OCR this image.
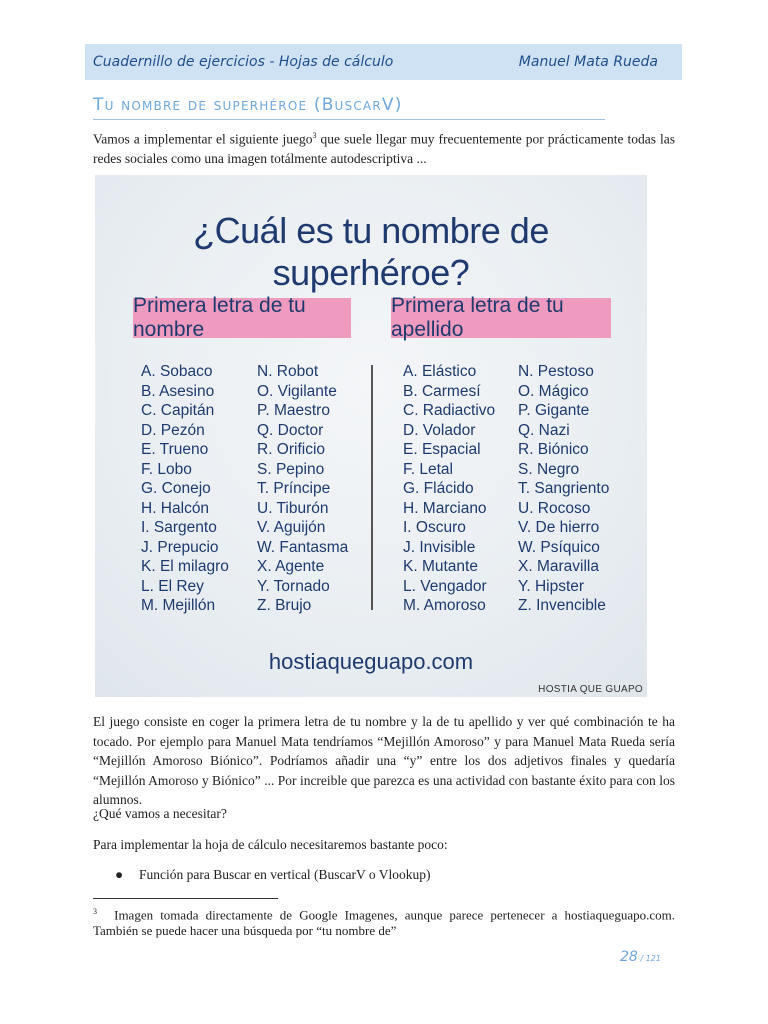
Cuadernillo de ejercicios - Hojas de cálculo	Manuel Mata Rueda
Tu nombre de superhéroe (BuscarV)
Vamos a implementar el siguiente juego$^3$ que suele llegar muy frecuentemente por prácticamente todas las redes sociales como una imagen totálmente autodescriptiva ...
¿Cuál es tu nombre de superhéroe?
Primera letra de tu nombre
Primera letra de tu apellido
A. Sobaco
B. Asesino
C. Capitán
D. Pezón
E. Trueno
F. Lobo
G. Conejo
H. Halcón
I. Sargento
J. Prepucio
K. El milagro
L. El Rey
M. Mejillón
N. Robot
O. Vigilante
P. Maestro
Q. Doctor
R. Orificio
S. Pepino
T. Príncipe
U. Tiburón
V. Aguijón
W. Fantasma
X. Agente
Y. Tornado
Z. Brujo
A. Elástico
B. Carmesí
C. Radiactivo
D. Volador
E. Espacial
F. Letal
G. Flácido
H. Marciano
I. Oscuro
J. Invisible
K. Mutante
L. Vengador
M. Amoroso
N. Pestoso
O. Mágico
P. Gigante
Q. Nazi
R. Biónico
S. Negro
T. Sangriento
U. Rocoso
V. De hierro
W. Psíquico
X. Maravilla
Y. Hipster
Z. Invencible
hostiaqueguapo.com
HOSTIA QUE GUAPO
El juego consiste en coger la primera letra de tu nombre y la de tu apellido y ver qué combinación te ha tocado. Por ejemplo para Manuel Mata tendríamos “Mejillón Amoroso” y para Manuel Mata Rueda sería “Mejillón Amoroso Biónico”. Podríamos añadir una “y” entre los dos adjetivos finales y quedaría “Mejillón Amoroso y Biónico” ... Por increible que parezca es una actividad con bastante éxito para con los alumnos.
¿Qué vamos a necesitar?
Para implementar la hoja de cálculo necesitaremos bastante poco:
●	Función para Buscar en vertical (BuscarV o Vlookup)
$^3$ Imagen tomada directamente de Google Imagenes, aunque parece pertenecer a hostiaqueguapo.com. También se puede hacer una búsqueda por “tu nombre de”
28 / 121
